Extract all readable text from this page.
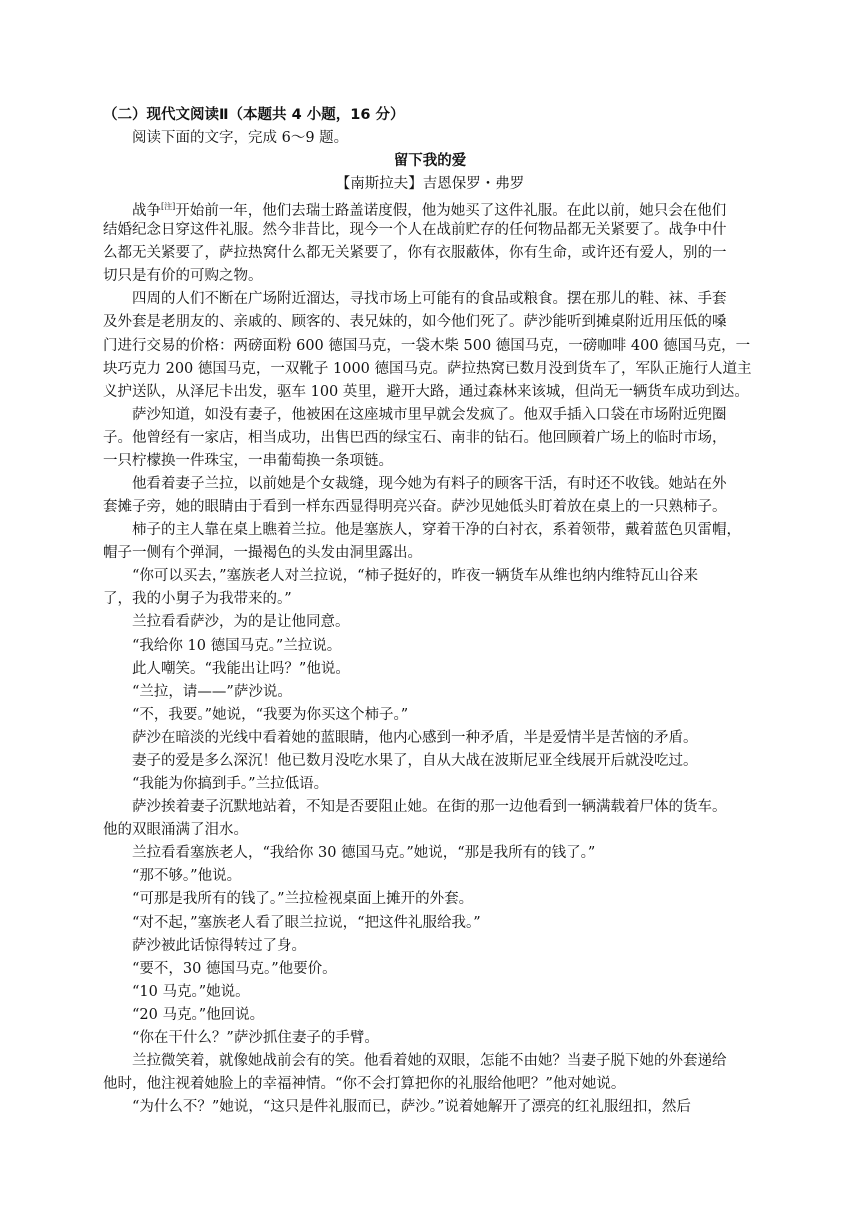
（二）现代文阅读Ⅱ（本题共 4 小题，16 分）
阅读下面的文字，完成 6～9 题。
留下我的爱
【南斯拉夫】吉恩保罗・弗罗
战争[注]开始前一年，他们去瑞士路盖诺度假，他为她买了这件礼服。在此以前，她只会在他们
结婚纪念日穿这件礼服。然今非昔比，现今一个人在战前贮存的任何物品都无关紧要了。战争中什
么都无关紧要了，萨拉热窝什么都无关紧要了，你有衣服蔽体，你有生命，或许还有爱人，别的一
切只是有价的可购之物。
四周的人们不断在广场附近溜达，寻找市场上可能有的食品或粮食。摆在那儿的鞋、袜、手套
及外套是老朋友的、亲戚的、顾客的、表兄妹的，如今他们死了。萨沙能听到摊桌附近用压低的嗓
门进行交易的价格：两磅面粉 600 德国马克，一袋木柴 500 德国马克，一磅咖啡 400 德国马克，一
块巧克力 200 德国马克，一双靴子 1000 德国马克。萨拉热窝已数月没到货车了，军队正施行人道主
义护送队，从泽尼卡出发，驱车 100 英里，避开大路，通过森林来该城，但尚无一辆货车成功到达。
萨沙知道，如没有妻子，他被困在这座城市里早就会发疯了。他双手插入口袋在市场附近兜圈
子。他曾经有一家店，相当成功，出售巴西的绿宝石、南非的钻石。他回顾着广场上的临时市场，
一只柠檬换一件珠宝，一串葡萄换一条项链。
他看着妻子兰拉，以前她是个女裁缝，现今她为有料子的顾客干活，有时还不收钱。她站在外
套摊子旁，她的眼睛由于看到一样东西显得明亮兴奋。萨沙见她低头盯着放在桌上的一只熟柿子。
柿子的主人靠在桌上瞧着兰拉。他是塞族人，穿着干净的白衬衣，系着领带，戴着蓝色贝雷帽，
帽子一侧有个弹洞，一撮褐色的头发由洞里露出。
“你可以买去，”塞族老人对兰拉说，“柿子挺好的，昨夜一辆货车从维也纳内维特瓦山谷来
了，我的小舅子为我带来的。”
兰拉看看萨沙，为的是让他同意。
“我给你 10 德国马克。”兰拉说。
此人嘲笑。“我能出让吗？”他说。
“兰拉，请——”萨沙说。
“不，我要。”她说，“我要为你买这个柿子。”
萨沙在暗淡的光线中看着她的蓝眼睛，他内心感到一种矛盾，半是爱情半是苦恼的矛盾。
妻子的爱是多么深沉！他已数月没吃水果了，自从大战在波斯尼亚全线展开后就没吃过。
“我能为你搞到手。”兰拉低语。
萨沙挨着妻子沉默地站着，不知是否要阻止她。在街的那一边他看到一辆满载着尸体的货车。
他的双眼涌满了泪水。
兰拉看看塞族老人，“我给你 30 德国马克。”她说，“那是我所有的钱了。”
“那不够。”他说。
“可那是我所有的钱了。”兰拉检视桌面上摊开的外套。
“对不起，”塞族老人看了眼兰拉说，“把这件礼服给我。”
萨沙被此话惊得转过了身。
“要不，30 德国马克。”他要价。
“10 马克。”她说。
“20 马克。”他回说。
“你在干什么？”萨沙抓住妻子的手臂。
兰拉微笑着，就像她战前会有的笑。他看着她的双眼，怎能不由她？当妻子脱下她的外套递给
他时，他注视着她脸上的幸福神情。“你不会打算把你的礼服给他吧？”他对她说。
“为什么不？”她说，“这只是件礼服而已，萨沙。”说着她解开了漂亮的红礼服纽扣，然后
